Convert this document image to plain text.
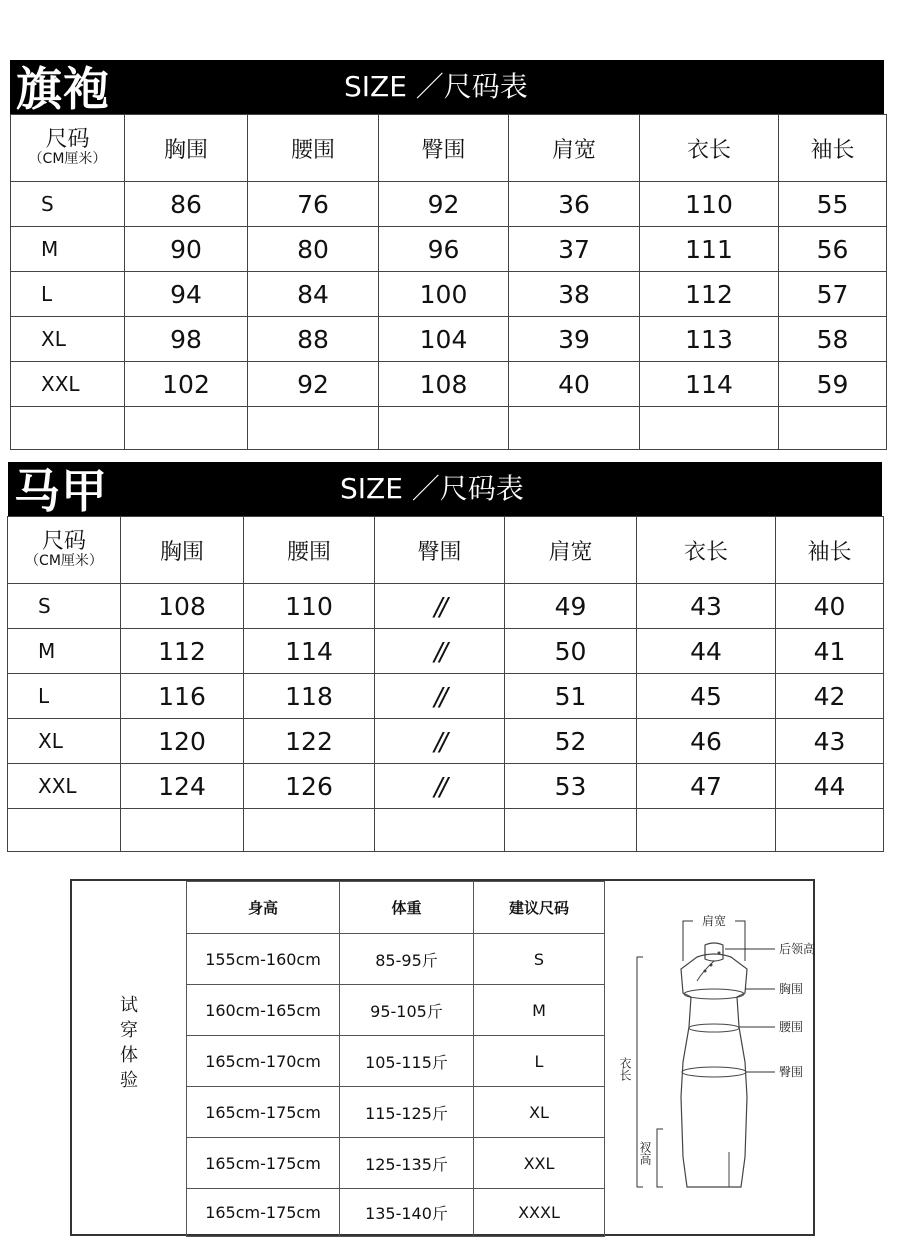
旗袍	SIZE ／尺码表
尺码
（CM厘米）	胸围	腰围	臀围	肩宽	衣长	袖长
S	86	76	92	36	110	55
M	90	80	96	37	111	56
L	94	84	100	38	112	57
XL	98	88	104	39	113	58
XXL	102	92	108	40	114	59

马甲	SIZE ／尺码表
尺码
（CM厘米）	胸围	腰围	臀围	肩宽	衣长	袖长
S	108	110	//	49	43	40
M	112	114	//	50	44	41
L	116	118	//	51	45	42
XL	120	122	//	52	46	43
XXL	124	126	//	53	47	44

试
穿
体
验
身高	体重	建议尺码
155cm-160cm	85-95斤	S
160cm-165cm	95-105斤	M
165cm-170cm	105-115斤	L
165cm-175cm	115-125斤	XL
165cm-175cm	125-135斤	XXL
165cm-175cm	135-140斤	XXXL
肩宽
后领高
胸围
腰围
臀围
衣长
衩高
